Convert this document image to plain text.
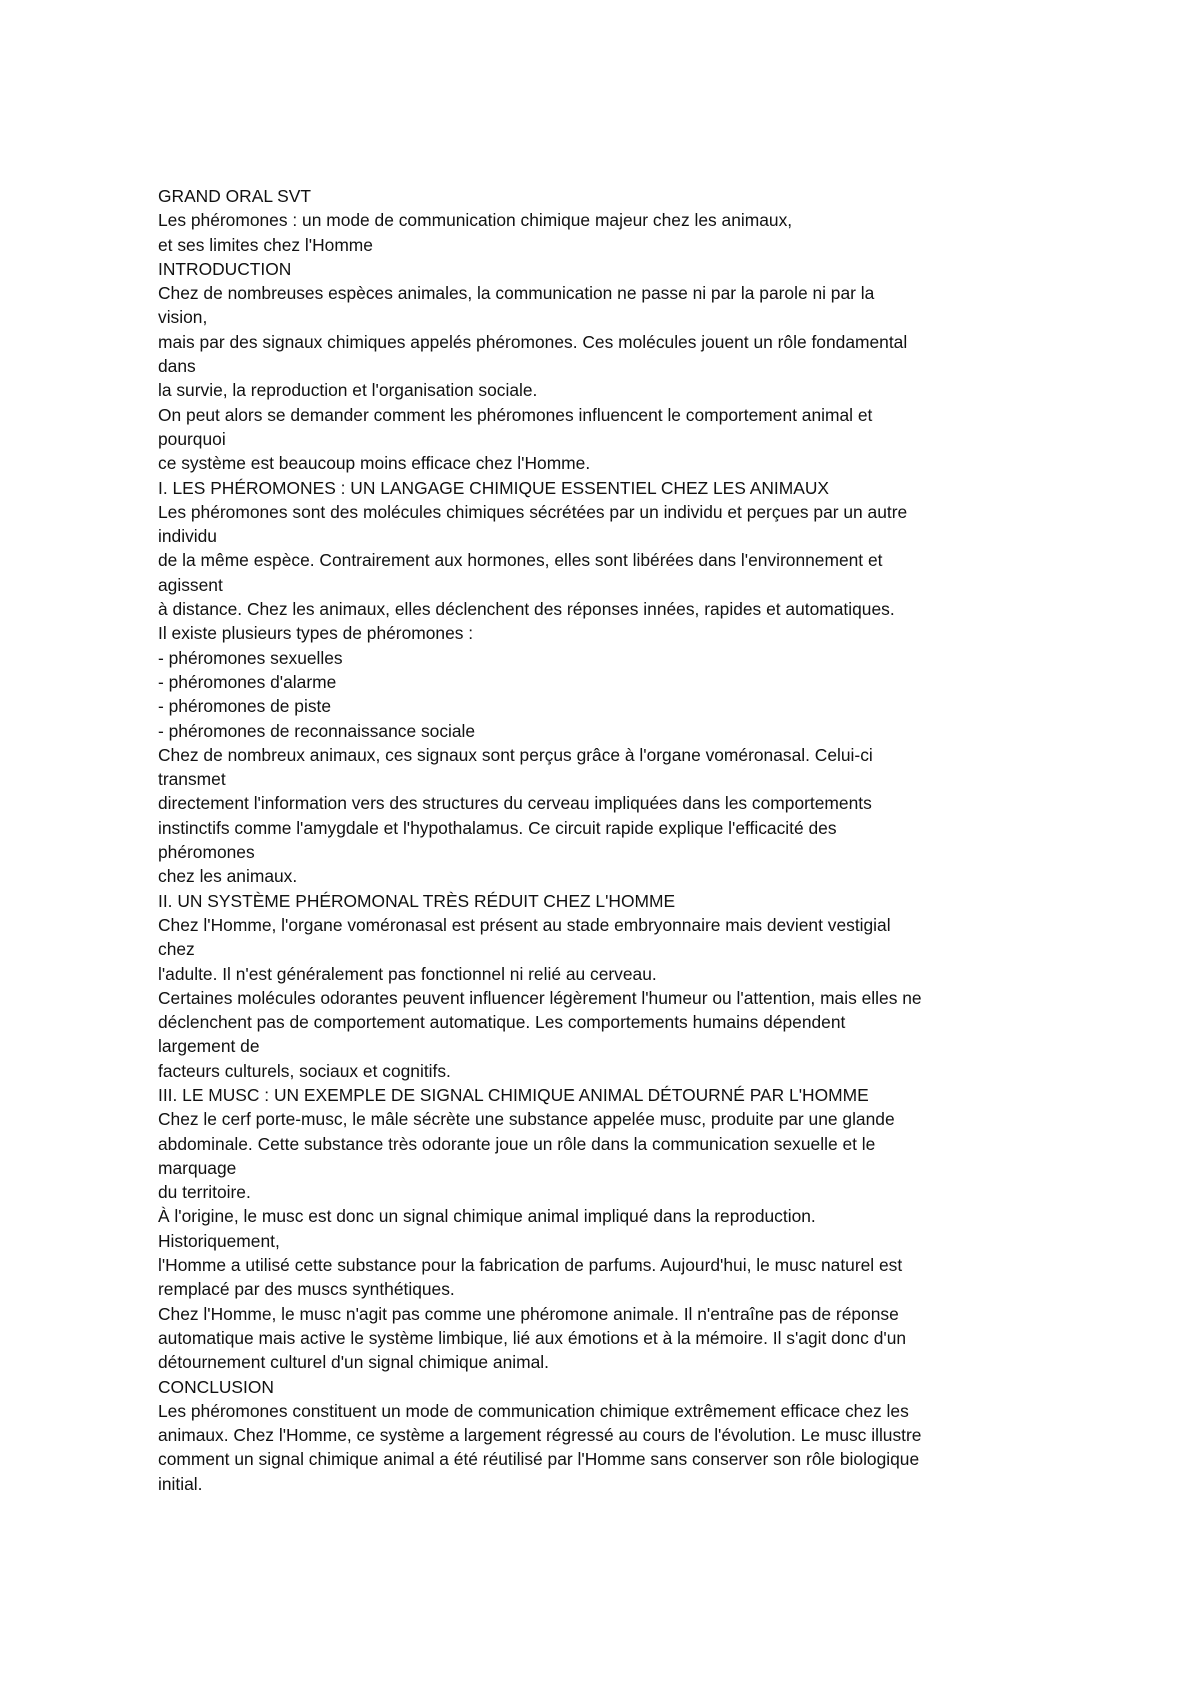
GRAND ORAL SVT
Les phéromones : un mode de communication chimique majeur chez les animaux,
et ses limites chez l'Homme
INTRODUCTION
Chez de nombreuses espèces animales, la communication ne passe ni par la parole ni par la
vision,
mais par des signaux chimiques appelés phéromones. Ces molécules jouent un rôle fondamental
dans
la survie, la reproduction et l'organisation sociale.
On peut alors se demander comment les phéromones influencent le comportement animal et
pourquoi
ce système est beaucoup moins efficace chez l'Homme.
I. LES PHÉROMONES : UN LANGAGE CHIMIQUE ESSENTIEL CHEZ LES ANIMAUX
Les phéromones sont des molécules chimiques sécrétées par un individu et perçues par un autre
individu
de la même espèce. Contrairement aux hormones, elles sont libérées dans l'environnement et
agissent
à distance. Chez les animaux, elles déclenchent des réponses innées, rapides et automatiques.
Il existe plusieurs types de phéromones :
- phéromones sexuelles
- phéromones d'alarme
- phéromones de piste
- phéromones de reconnaissance sociale
Chez de nombreux animaux, ces signaux sont perçus grâce à l'organe voméronasal. Celui-ci
transmet
directement l'information vers des structures du cerveau impliquées dans les comportements
instinctifs comme l'amygdale et l'hypothalamus. Ce circuit rapide explique l'efficacité des
phéromones
chez les animaux.
II. UN SYSTÈME PHÉROMONAL TRÈS RÉDUIT CHEZ L'HOMME
Chez l'Homme, l'organe voméronasal est présent au stade embryonnaire mais devient vestigial
chez
l'adulte. Il n'est généralement pas fonctionnel ni relié au cerveau.
Certaines molécules odorantes peuvent influencer légèrement l'humeur ou l'attention, mais elles ne
déclenchent pas de comportement automatique. Les comportements humains dépendent
largement de
facteurs culturels, sociaux et cognitifs.
III. LE MUSC : UN EXEMPLE DE SIGNAL CHIMIQUE ANIMAL DÉTOURNÉ PAR L'HOMME
Chez le cerf porte-musc, le mâle sécrète une substance appelée musc, produite par une glande
abdominale. Cette substance très odorante joue un rôle dans la communication sexuelle et le
marquage
du territoire.
À l'origine, le musc est donc un signal chimique animal impliqué dans la reproduction.
Historiquement,
l'Homme a utilisé cette substance pour la fabrication de parfums. Aujourd'hui, le musc naturel est
remplacé par des muscs synthétiques.
Chez l'Homme, le musc n'agit pas comme une phéromone animale. Il n'entraîne pas de réponse
automatique mais active le système limbique, lié aux émotions et à la mémoire. Il s'agit donc d'un
détournement culturel d'un signal chimique animal.
CONCLUSION
Les phéromones constituent un mode de communication chimique extrêmement efficace chez les
animaux. Chez l'Homme, ce système a largement régressé au cours de l'évolution. Le musc illustre
comment un signal chimique animal a été réutilisé par l'Homme sans conserver son rôle biologique
initial.
